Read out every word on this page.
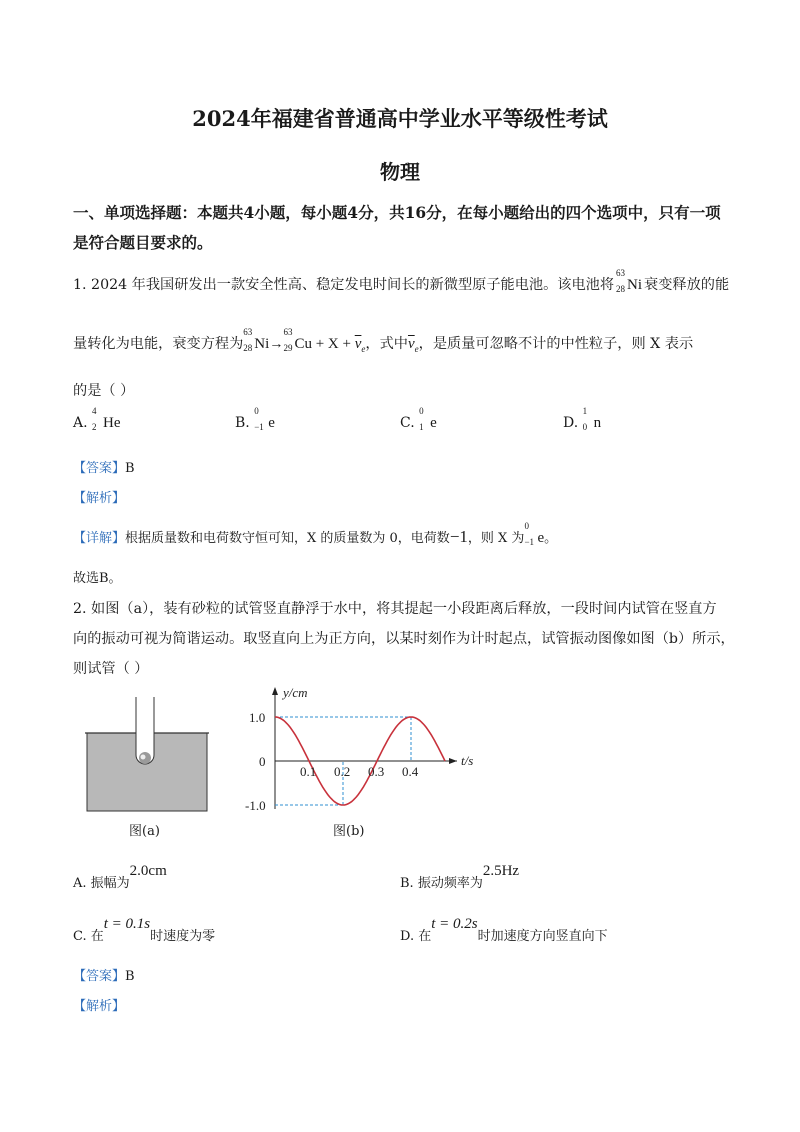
2024年福建省普通高中学业水平等级性考试
物理
一、单项选择题：本题共4小题，每小题4分，共16分，在每小题给出的四个选项中，只有一项是符合题目要求的。
1. 2024 年我国研发出一款安全性高、稳定发电时间长的新微型原子能电池。该电池将
63
28 Ni 衰变释放的能
量转化为电能，衰变方程为
63
28 Ni→
63
29 $Cu + X + \overline{\nu}_e$，式中$\overline{\nu}_e$，是质量可忽略不计的中性粒子，则 X 表示
的是（ ）
A.
4
2 He	B.
0
−1 e	C.
0
1 e	D.
1
0 n
【答案】B
【解析】
【详解】根据质量数和电荷数守恒可知，X 的质量数为 0，电荷数−1，则 X 为
0
−1 e。
故选B。
2. 如图（a），装有砂粒的试管竖直静浮于水中，将其提起一小段距离后释放，一段时间内试管在竖直方
向的振动可视为简谐运动。取竖直向上为正方向，以某时刻作为计时起点，试管振动图像如图（b）所示，
则试管（ ）
图(a)
y/cm
t/s
1.0
0
-1.0
0.1 0.2 0.3 0.4
图(b)
A. 振幅为2.0cm
B. 振动频率为2.5Hz
C. 在t = 0.1s时速度为零	D. 在t = 0.2s时加速度方向竖直向下
【答案】B
【解析】
